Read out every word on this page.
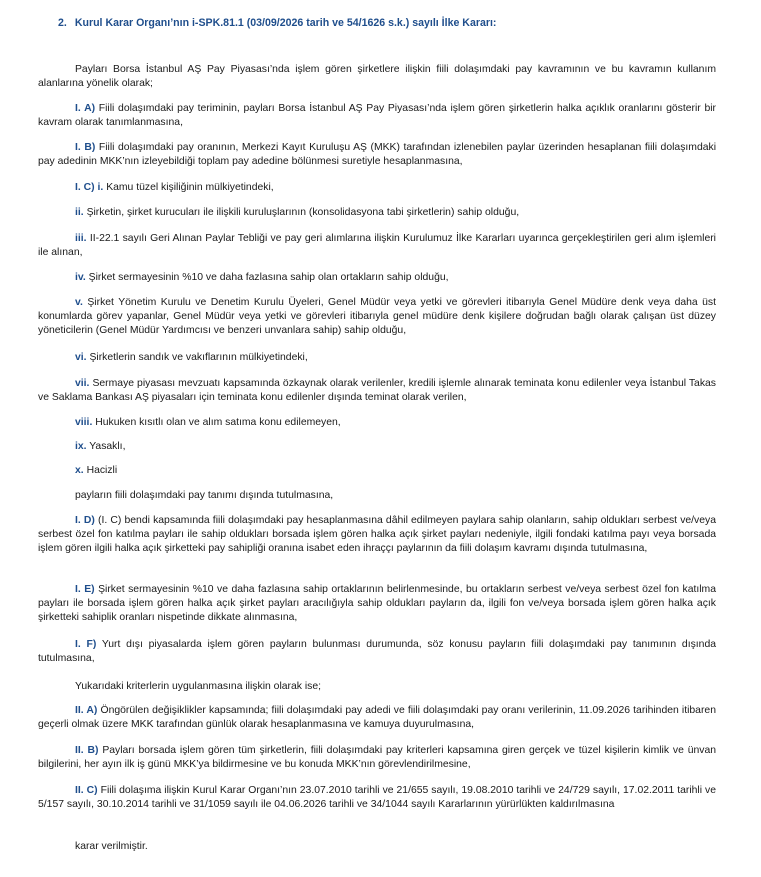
2. Kurul Karar Organı’nın i-SPK.81.1 (03/09/2026 tarih ve 54/1626 s.k.) sayılı İlke Kararı:
Payları Borsa İstanbul AŞ Pay Piyasası’nda işlem gören şirketlere ilişkin fiili dolaşımdaki pay kavramının ve bu kavramın kullanım alanlarına yönelik olarak;
I. A) Fiili dolaşımdaki pay teriminin, payları Borsa İstanbul AŞ Pay Piyasası’nda işlem gören şirketlerin halka açıklık oranlarını gösterir bir kavram olarak tanımlanmasına,
I. B) Fiili dolaşımdaki pay oranının, Merkezi Kayıt Kuruluşu AŞ (MKK) tarafından izlenebilen paylar üzerinden hesaplanan fiili dolaşımdaki pay adedinin MKK’nın izleyebildiği toplam pay adedine bölünmesi suretiyle hesaplanmasına,
I. C) i. Kamu tüzel kişiliğinin mülkiyetindeki,
ii. Şirketin, şirket kurucuları ile ilişkili kuruluşlarının (konsolidasyona tabi şirketlerin) sahip olduğu,
iii. II-22.1 sayılı Geri Alınan Paylar Tebliği ve pay geri alımlarına ilişkin Kurulumuz İlke Kararları uyarınca gerçekleştirilen geri alım işlemleri ile alınan,
iv. Şirket sermayesinin %10 ve daha fazlasına sahip olan ortakların sahip olduğu,
v. Şirket Yönetim Kurulu ve Denetim Kurulu Üyeleri, Genel Müdür veya yetki ve görevleri itibarıyla Genel Müdüre denk veya daha üst konumlarda görev yapanlar, Genel Müdür veya yetki ve görevleri itibarıyla genel müdüre denk kişilere doğrudan bağlı olarak çalışan üst düzey yöneticilerin (Genel Müdür Yardımcısı ve benzeri unvanlara sahip) sahip olduğu,
vi. Şirketlerin sandık ve vakıflarının mülkiyetindeki,
vii. Sermaye piyasası mevzuatı kapsamında özkaynak olarak verilenler, kredili işlemle alınarak teminata konu edilenler veya İstanbul Takas ve Saklama Bankası AŞ piyasaları için teminata konu edilenler dışında teminat olarak verilen,
viii. Hukuken kısıtlı olan ve alım satıma konu edilemeyen,
ix. Yasaklı,
x. Hacizli
payların fiili dolaşımdaki pay tanımı dışında tutulmasına,
I. D) (I. C) bendi kapsamında fiili dolaşımdaki pay hesaplanmasına dâhil edilmeyen paylara sahip olanların, sahip oldukları serbest ve/veya serbest özel fon katılma payları ile sahip oldukları borsada işlem gören halka açık şirket payları nedeniyle, ilgili fondaki katılma payı veya borsada işlem gören ilgili halka açık şirketteki pay sahipliği oranına isabet eden ihraççı paylarının da fiili dolaşım kavramı dışında tutulmasına,
I. E) Şirket sermayesinin %10 ve daha fazlasına sahip ortaklarının belirlenmesinde, bu ortakların serbest ve/veya serbest özel fon katılma payları ile borsada işlem gören halka açık şirket payları aracılığıyla sahip oldukları payların da, ilgili fon ve/veya borsada işlem gören halka açık şirketteki sahiplik oranları nispetinde dikkate alınmasına,
I. F) Yurt dışı piyasalarda işlem gören payların bulunması durumunda, söz konusu payların fiili dolaşımdaki pay tanımının dışında tutulmasına,
Yukarıdaki kriterlerin uygulanmasına ilişkin olarak ise;
II. A) Öngörülen değişiklikler kapsamında; fiili dolaşımdaki pay adedi ve fiili dolaşımdaki pay oranı verilerinin, 11.09.2026 tarihinden itibaren geçerli olmak üzere MKK tarafından günlük olarak hesaplanmasına ve kamuya duyurulmasına,
II. B) Payları borsada işlem gören tüm şirketlerin, fiili dolaşımdaki pay kriterleri kapsamına giren gerçek ve tüzel kişilerin kimlik ve ünvan bilgilerini, her ayın ilk iş günü MKK’ya bildirmesine ve bu konuda MKK’nın görevlendirilmesine,
II. C) Fiili dolaşıma ilişkin Kurul Karar Organı’nın 23.07.2010 tarihli ve 21/655 sayılı, 19.08.2010 tarihli ve 24/729 sayılı, 17.02.2011 tarihli ve 5/157 sayılı, 30.10.2014 tarihli ve 31/1059 sayılı ile 04.06.2026 tarihli ve 34/1044 sayılı Kararlarının yürürlükten kaldırılmasına
karar verilmiştir.
